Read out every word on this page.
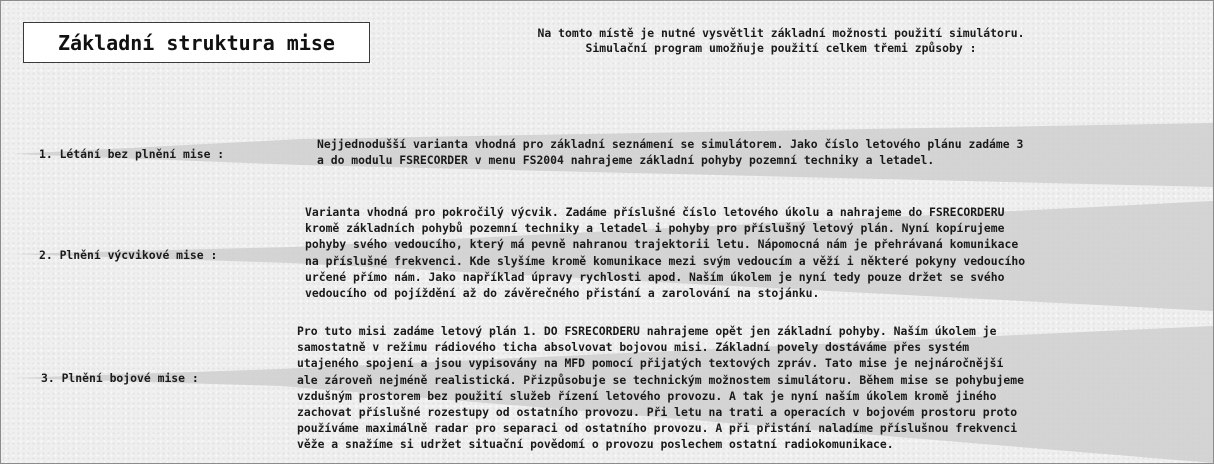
Základní struktura mise	Na tomto místě je nutné vysvětlit základní možnosti použití simulátoru.
Simulační program umožňuje použití celkem třemi způsoby :
1. Létání bez plnění mise :
Nejjednodušší varianta vhodná pro základní seznámení se simulátorem. Jako číslo letového plánu zadáme 3
a do modulu FSRECORDER v menu FS2004 nahrajeme základní pohyby pozemní techniky a letadel.
2. Plnění výcvikové mise :
Varianta vhodná pro pokročilý výcvik. Zadáme příslušné číslo letového úkolu a nahrajeme do FSRECORDERU
kromě základních pohybů pozemní techniky a letadel i pohyby pro příslušný letový plán. Nyní kopírujeme
pohyby svého vedoucího, který má pevně nahranou trajektorii letu. Nápomocná nám je přehrávaná komunikace
na příslušné frekvenci. Kde slyšíme kromě komunikace mezi svým vedoucím a věží i některé pokyny vedoucího
určené přímo nám. Jako například úpravy rychlosti apod. Naším úkolem je nyní tedy pouze držet se svého
vedoucího od pojíždění až do závěrečného přistání a zarolování na stojánku.
3. Plnění bojové mise :
Pro tuto misi zadáme letový plán 1. DO FSRECORDERU nahrajeme opět jen základní pohyby. Naším úkolem je
samostatně v režimu rádiového ticha absolvovat bojovou misi. Základní povely dostáváme přes systém
utajeného spojení a jsou vypisovány na MFD pomocí přijatých textových zpráv. Tato mise je nejnáročnější
ale zároveň nejméně realistická. Přizpůsobuje se technickým možnostem simulátoru. Během mise se pohybujeme
vzdušným prostorem bez použití služeb řízení letového provozu. A tak je nyní naším úkolem kromě jiného
zachovat příslušné rozestupy od ostatního provozu. Při letu na trati a operacích v bojovém prostoru proto
používáme maximálně radar pro separaci od ostatního provozu. A při přistání naladíme příslušnou frekvenci
věže a snažíme si udržet situační povědomí o provozu poslechem ostatní radiokomunikace.
